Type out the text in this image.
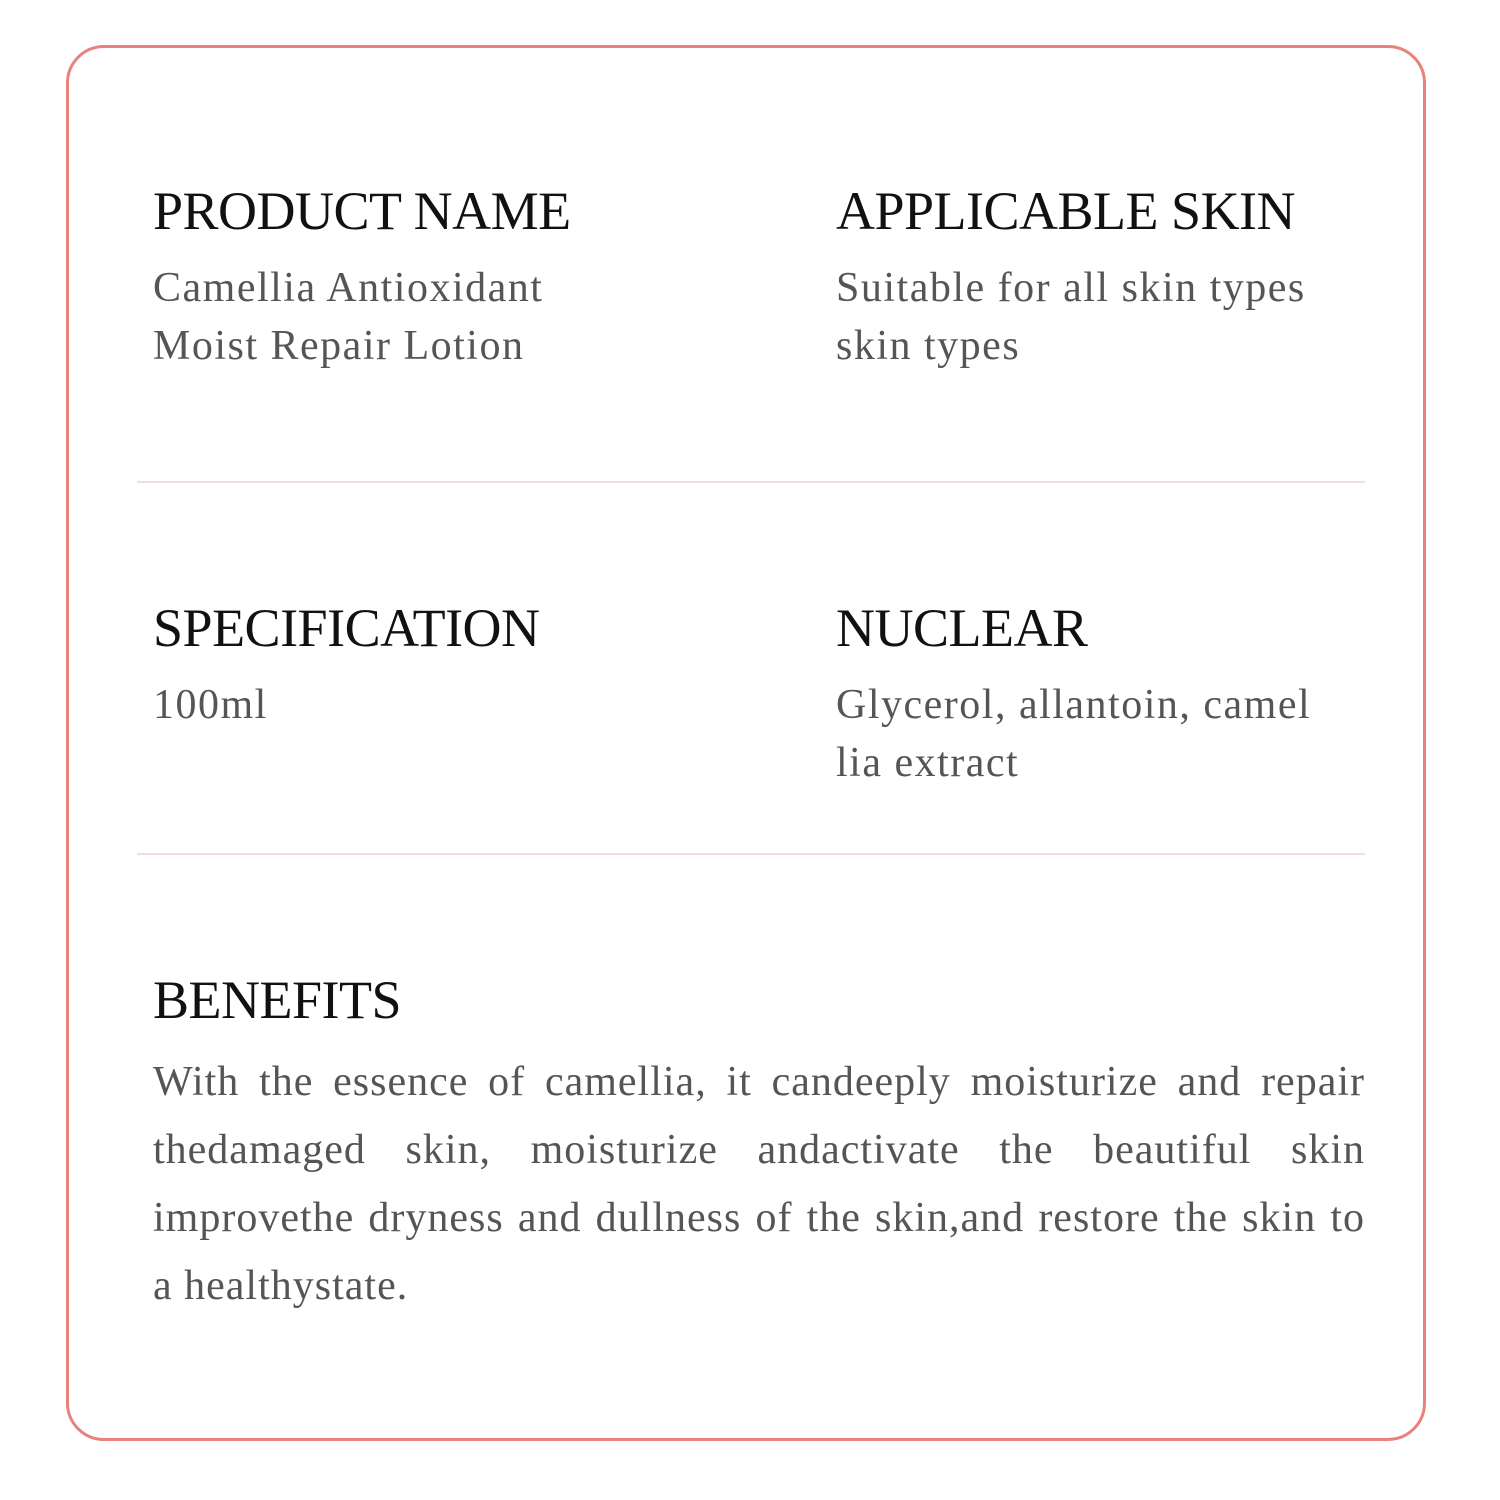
PRODUCT NAME

Camellia Antioxidant
Moist Repair Lotion

APPLICABLE SKIN

Suitable for all skin types
skin types

SPECIFICATION

100ml

NUCLEAR

Glycerol, allantoin, camel
lia extract

BENEFITS

With the essence of camellia, it candeeply moisturize and repair thedamaged skin, moisturize andactivate the beautiful skin improvethe dryness and dullness of the skin,and restore the skin to a healthystate.
